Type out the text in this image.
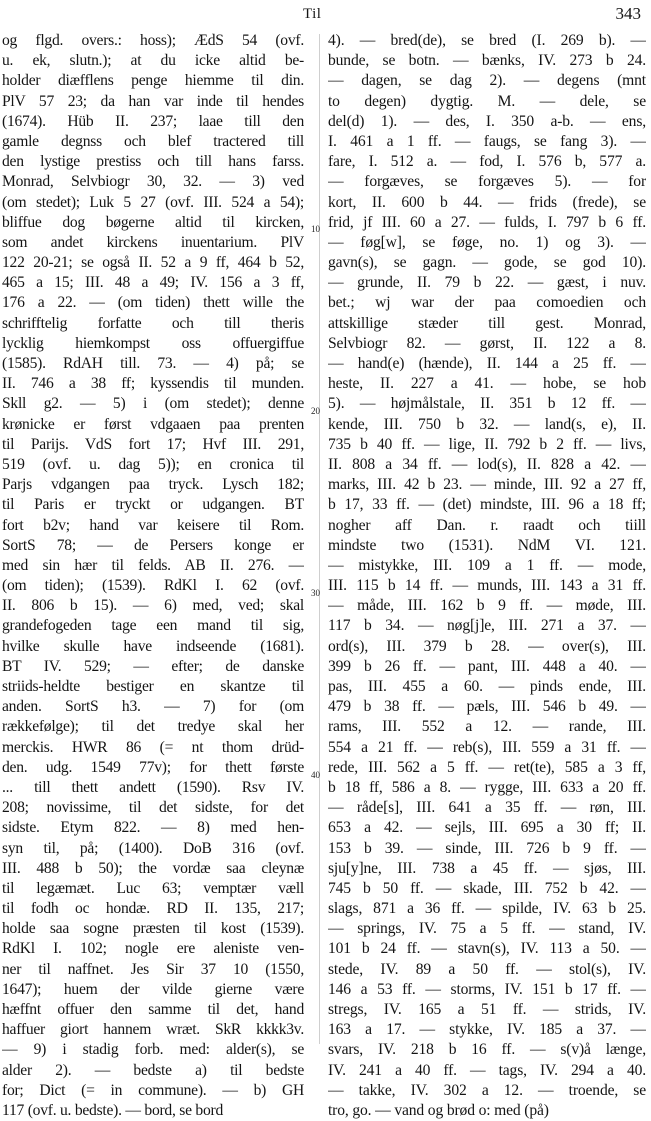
Til	343
10
20
30
40
og flgd. overs.: hoss); ÆdS 54 (ovf.
u. ek, slutn.); at du icke altid be-
holder diæfflens penge hiemme til din.
PlV 57 23; da han var inde til hendes
(1674). Hüb II. 237; laae till den
gamle degnss och blef tractered till
den lystige prestiss och till hans farss.
Monrad, Selvbiogr 30, 32. — 3) ved
(om stedet); Luk 5 27 (ovf. III. 524 a 54);
bliffue dog bøgerne altid til kircken,
som andet kirckens inuentarium. PlV
122 20-21; se også II. 52 a 9 ff, 464 b 52,
465 a 15; III. 48 a 49; IV. 156 a 3 ff,
176 a 22. — (om tiden) thett wille the
schrifftelig forfatte och till theris
lycklig hiemkompst oss offuergiffue
(1585). RdAH till. 73. — 4) på; se
II. 746 a 38 ff; kyssendis til munden.
Skll g2. — 5) i (om stedet); denne
krønicke er først vdgaaen paa prenten
til Parijs. VdS fort 17; Hvf III. 291,
519 (ovf. u. dag 5)); en cronica til
Parjs vdgangen paa tryck. Lysch 182;
til Paris er tryckt or udgangen. BT
fort b2v; hand var keisere til Rom.
SortS 78; — de Persers konge er
med sin hær til felds. AB II. 276. —
(om tiden); (1539). RdKl I. 62 (ovf.
II. 806 b 15). — 6) med, ved; skal
grandefogeden tage een mand til sig,
hvilke skulle have indseende (1681).
BT IV. 529; — efter; de danske
striids-heldte bestiger en skantze til
anden. SortS h3. — 7) for (om
rækkefølge); til det tredye skal her
merckis. HWR 86 (= nt thom drüd-
den. udg. 1549 77v); for thett første
... till thett andett (1590). Rsv IV.
208; novissime, til det sidste, for det
sidste. Etym 822. — 8) med hen-
syn til, på; (1400). DoB 316 (ovf.
III. 488 b 50); the vordæ saa cleynæ
til legæmæt. Luc 63; vemptær væll
til fodh oc hondæ. RD II. 135, 217;
holde saa sogne præsten til kost (1539).
RdKl I. 102; nogle ere aleniste ven-
ner til naffnet. Jes Sir 37 10 (1550,
1647); huem der vilde gierne være
hæffnt offuer den samme til det, hand
haffuer giort hannem wræt. SkR kkkk3v.
— 9) i stadig forb. med: alder(s), se
alder 2). — bedste a) til bedste
for; Dict (= in commune). — b) GH
117 (ovf. u. bedste). — bord, se bord
4). — bred(de), se bred (I. 269 b). —
bunde, se botn. — bænks, IV. 273 b 24.
— dagen, se dag 2). — degens (mnt
to degen) dygtig. M. — dele, se
del(d) 1). — des, I. 350 a-b. — ens,
I. 461 a 1 ff. — faugs, se fang 3). —
fare, I. 512 a. — fod, I. 576 b, 577 a.
— forgæves, se forgæves 5). — for
kort, II. 600 b 44. — frids (frede), se
frid, jf III. 60 a 27. — fulds, I. 797 b 6 ff.
— føg[w], se føge, no. 1) og 3). —
gavn(s), se gagn. — gode, se god 10).
— grunde, II. 79 b 22. — gæst, i nuv.
bet.; wj war der paa comoedien och
attskillige stæder till gest. Monrad,
Selvbiogr 82. — gørst, II. 122 a 8.
— hand(e) (hænde), II. 144 a 25 ff. —
heste, II. 227 a 41. — hobe, se hob
5). — højmålstale, II. 351 b 12 ff. —
kende, III. 750 b 32. — land(s, e), II.
735 b 40 ff. — lige, II. 792 b 2 ff. — livs,
II. 808 a 34 ff. — lod(s), II. 828 a 42. —
marks, III. 42 b 23. — minde, III. 92 a 27 ff,
b 17, 33 ff. — (det) mindste, III. 96 a 18 ff;
nogher aff Dan. r. raadt och tiill
mindste two (1531). NdM VI. 121.
— mistykke, III. 109 a 1 ff. — mode,
III. 115 b 14 ff. — munds, III. 143 a 31 ff.
— måde, III. 162 b 9 ff. — møde, III.
117 b 34. — nøg[j]e, III. 271 a 37. —
ord(s), III. 379 b 28. — over(s), III.
399 b 26 ff. — pant, III. 448 a 40. —
pas, III. 455 a 60. — pinds ende, III.
479 b 38 ff. — pæls, III. 546 b 49. —
rams, III. 552 a 12. — rande, III.
554 a 21 ff. — reb(s), III. 559 a 31 ff. —
rede, III. 562 a 5 ff. — ret(te), 585 a 3 ff,
b 18 ff, 586 a 8. — rygge, III. 633 a 20 ff.
— råde[s], III. 641 a 35 ff. — røn, III.
653 a 42. — sejls, III. 695 a 30 ff; II.
153 b 39. — sinde, III. 726 b 9 ff. —
sju[y]ne, III. 738 a 45 ff. — sjøs, III.
745 b 50 ff. — skade, III. 752 b 42. —
slags, 871 a 36 ff. — spilde, IV. 63 b 25.
— springs, IV. 75 a 5 ff. — stand, IV.
101 b 24 ff. — stavn(s), IV. 113 a 50. —
stede, IV. 89 a 50 ff. — stol(s), IV.
146 a 53 ff. — storms, IV. 151 b 17 ff. —
stregs, IV. 165 a 51 ff. — strids, IV.
163 a 17. — stykke, IV. 185 a 37. —
svars, IV. 218 b 16 ff. — s(v)å længe,
IV. 241 a 40 ff. — tags, IV. 294 a 40.
— takke, IV. 302 a 12. — troende, se
tro, go. — vand og brød o: med (på)
